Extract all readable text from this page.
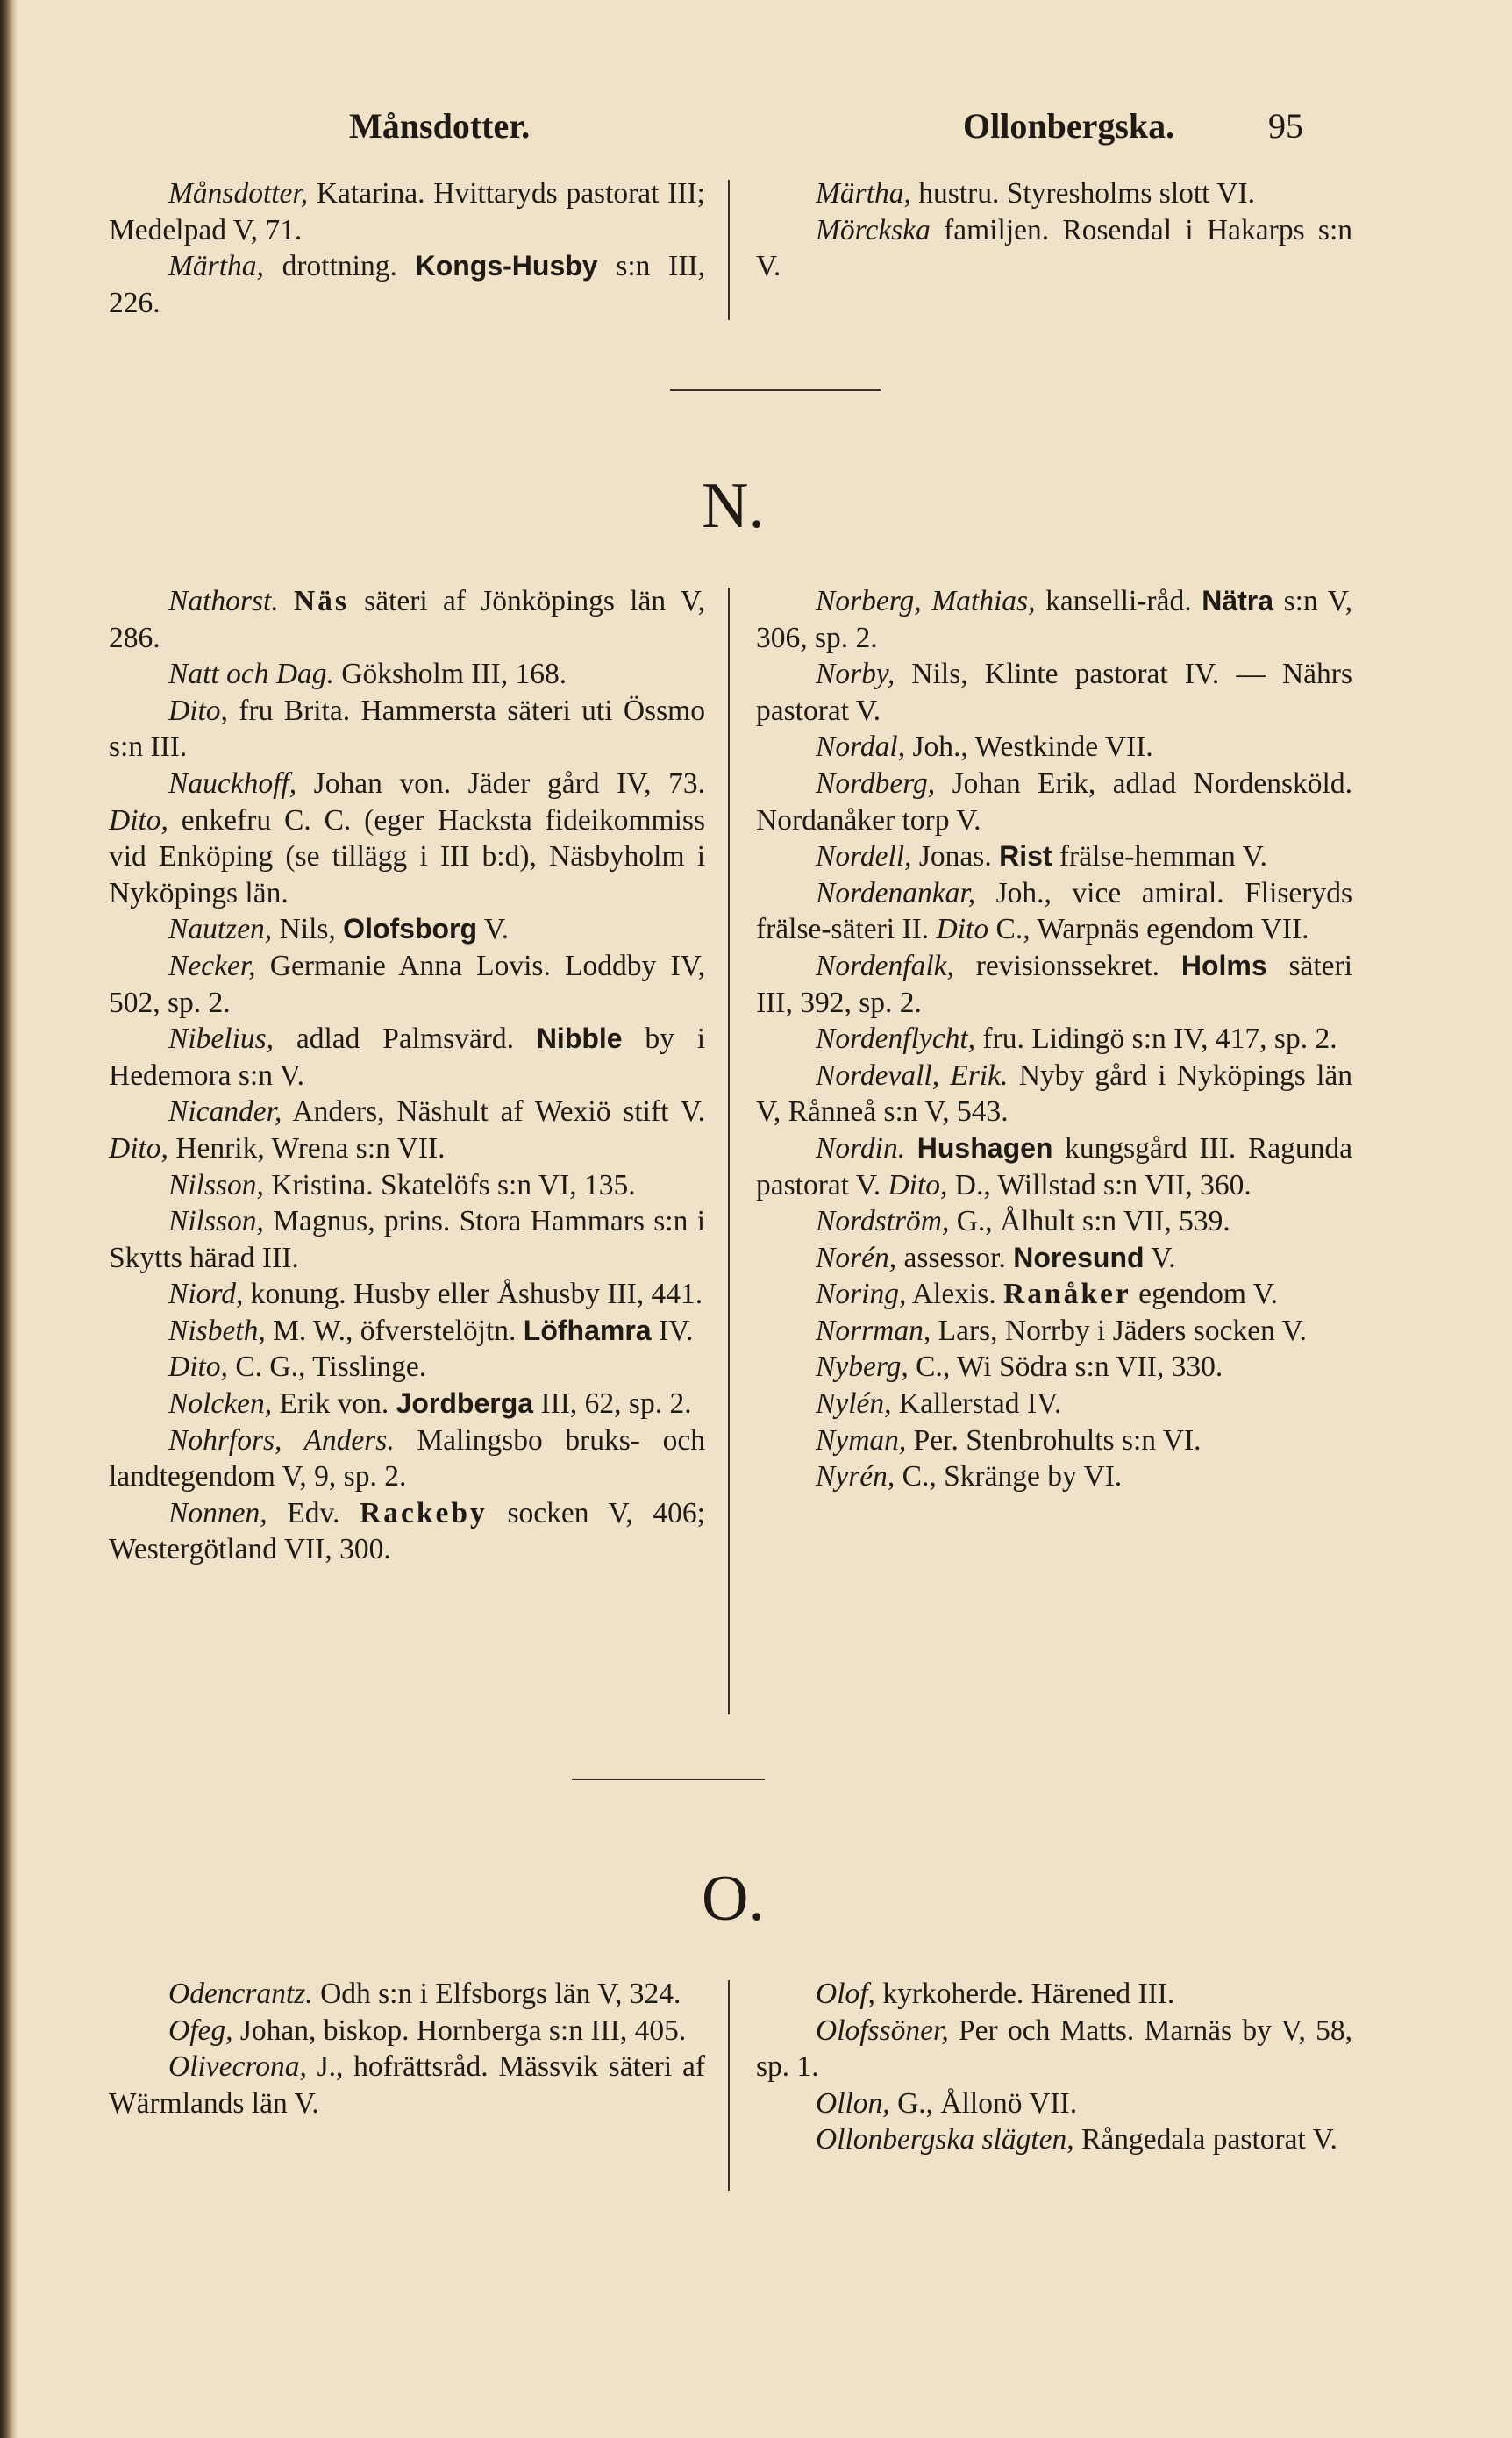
Månsdotter.	Ollonbergska.	95

Månsdotter, Katarina. Hvittaryds pastorat III; Medelpad V, 71.

Märtha, drottning. Kongs-Husby s:n III, 226.

Märtha, hustru. Styresholms slott VI.

Mörckska familjen. Rosendal i Hakarps s:n V.

N.

Nathorst. Näs säteri af Jönköpings län V, 286.

Natt och Dag. Göksholm III, 168.

Dito, fru Brita. Hammersta säteri uti Össmo s:n III.

Nauckhoff, Johan von. Jäder gård IV, 73. Dito, enkefru C. C. (eger Hacksta fideikommiss vid Enköping (se tillägg i III b:d), Näsbyholm i Nyköpings län.

Nautzen, Nils, Olofsborg V.

Necker, Germanie Anna Lovis. Loddby IV, 502, sp. 2.

Nibelius, adlad Palmsvärd. Nibble by i Hedemora s:n V.

Nicander, Anders, Näshult af Wexiö stift V. Dito, Henrik, Wrena s:n VII.

Nilsson, Kristina. Skatelöfs s:n VI, 135.

Nilsson, Magnus, prins. Stora Hammars s:n i Skytts härad III.

Niord, konung. Husby eller Åshusby III, 441.

Nisbeth, M. W., öfverstelöjtn. Löfhamra IV.

Dito, C. G., Tisslinge.

Nolcken, Erik von. Jordberga III, 62, sp. 2.

Nohrfors, Anders. Malingsbo bruks- och landtegendom V, 9, sp. 2.

Nonnen, Edv. Rackeby socken V, 406; Westergötland VII, 300.

Norberg, Mathias, kanselli-råd. Nätra s:n V, 306, sp. 2.

Norby, Nils, Klinte pastorat IV. — Nährs pastorat V.

Nordal, Joh., Westkinde VII.

Nordberg, Johan Erik, adlad Nordensköld. Nordanåker torp V.

Nordell, Jonas. Rist frälse-hemman V.

Nordenankar, Joh., vice amiral. Fliseryds frälse-säteri II. Dito C., Warpnäs egendom VII.

Nordenfalk, revisionssekret. Holms säteri III, 392, sp. 2.

Nordenflycht, fru. Lidingö s:n IV, 417, sp. 2.

Nordevall, Erik. Nyby gård i Nyköpings län V, Rånneå s:n V, 543.

Nordin. Hushagen kungsgård III. Ragunda pastorat V. Dito, D., Willstad s:n VII, 360.

Nordström, G., Ålhult s:n VII, 539.

Norén, assessor. Noresund V.

Noring, Alexis. Ranåker egendom V.

Norrman, Lars, Norrby i Jäders socken V.

Nyberg, C., Wi Södra s:n VII, 330.

Nylén, Kallerstad IV.

Nyman, Per. Stenbrohults s:n VI.

Nyrén, C., Skränge by VI.

O.

Odencrantz. Odh s:n i Elfsborgs län V, 324.

Ofeg, Johan, biskop. Hornberga s:n III, 405.

Olivecrona, J., hofrättsråd. Mässvik säteri af Wärmlands län V.

Olof, kyrkoherde. Härened III.

Olofssöner, Per och Matts. Marnäs by V, 58, sp. 1.

Ollon, G., Ållonö VII.

Ollonbergska slägten, Rångedala pastorat V.
